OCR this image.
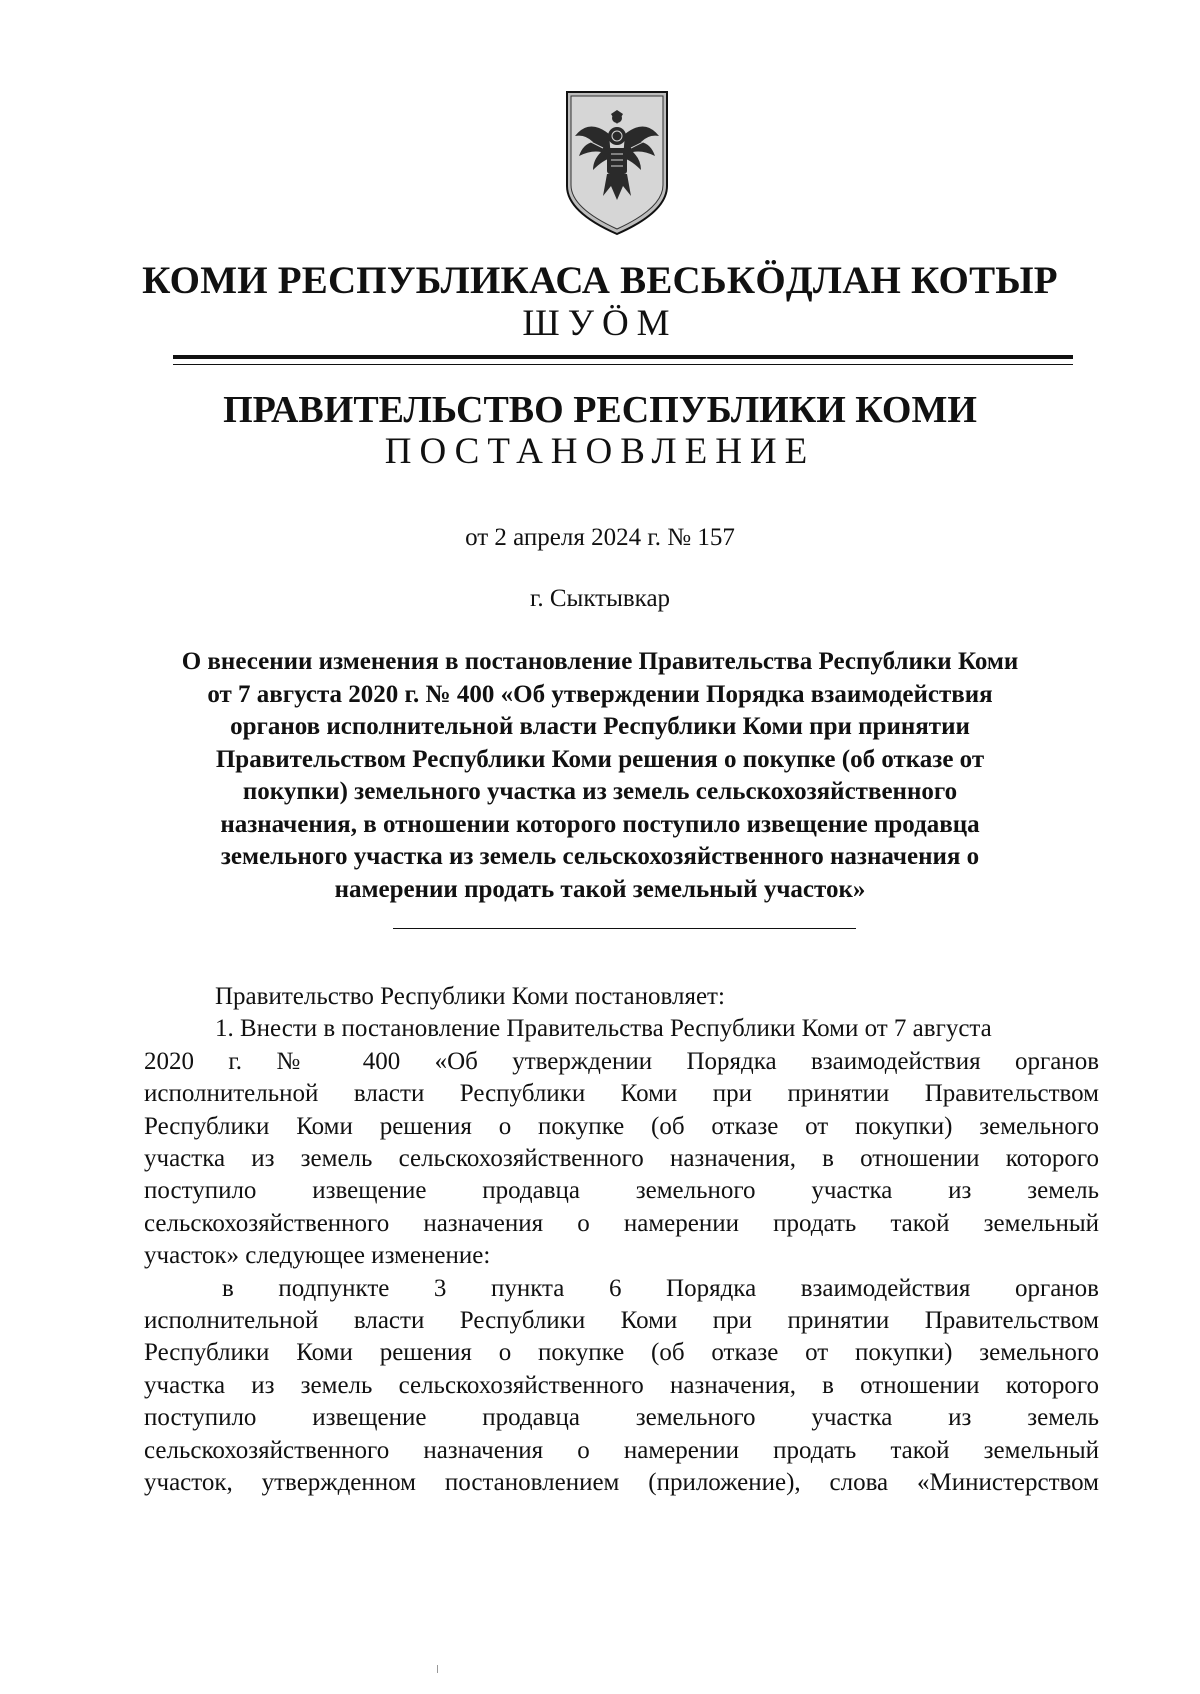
КОМИ РЕСПУБЛИКАСА ВЕСЬКӦДЛАН КОТЫР
ШУӦМ
ПРАВИТЕЛЬСТВО РЕСПУБЛИКИ КОМИ
ПОСТАНОВЛЕНИЕ
от 2 апреля 2024 г. № 157
г. Сыктывкар
О внесении изменения в постановление Правительства Республики Коми
от 7 августа 2020 г. № 400 «Об утверждении Порядка взаимодействия
органов исполнительной власти Республики Коми при принятии
Правительством Республики Коми решения о покупке (об отказе от
покупки) земельного участка из земель сельскохозяйственного
назначения, в отношении которого поступило извещение продавца
земельного участка из земель сельскохозяйственного назначения о
намерении продать такой земельный участок»
Правительство Республики Коми постановляет:
1. Внести в постановление Правительства Республики Коми от 7 августа
2020 г. № 400 «Об утверждении Порядка взаимодействия органов
исполнительной власти Республики Коми при принятии Правительством
Республики Коми решения о покупке (об отказе от покупки) земельного
участка из земель сельскохозяйственного назначения, в отношении которого
поступило извещение продавца земельного участка из земель
сельскохозяйственного назначения о намерении продать такой земельный
участок» следующее изменение:
в подпункте 3 пункта 6 Порядка взаимодействия органов
исполнительной власти Республики Коми при принятии Правительством
Республики Коми решения о покупке (об отказе от покупки) земельного
участка из земель сельскохозяйственного назначения, в отношении которого
поступило извещение продавца земельного участка из земель
сельскохозяйственного назначения о намерении продать такой земельный
участок, утвержденном постановлением (приложение), слова «Министерством
